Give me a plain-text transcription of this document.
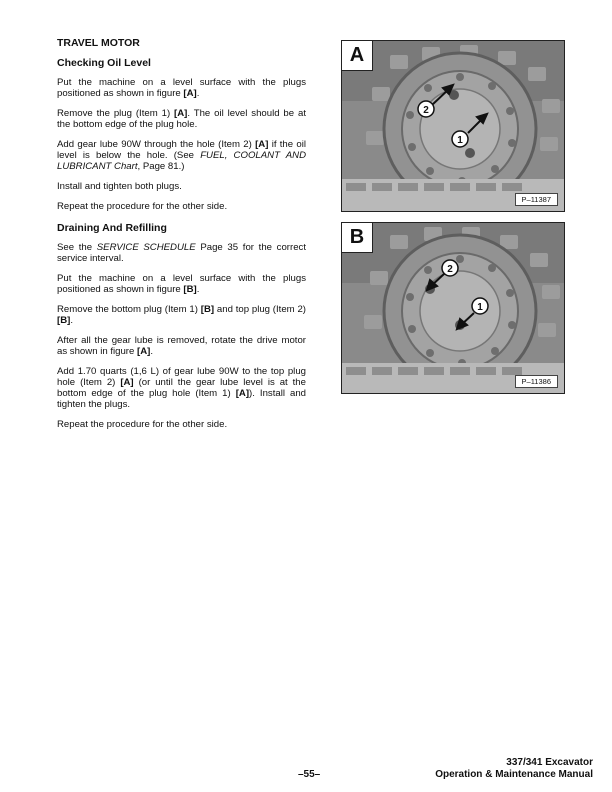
TRAVEL MOTOR
Checking Oil Level

Put the machine on a level surface with the plugs positioned as shown in figure [A].

Remove the plug (Item 1) [A]. The oil level should be at the bottom edge of the plug hole.

Add gear lube 90W through the hole (Item 2) [A] if the oil level is below the hole. (See FUEL, COOLANT AND LUBRICANT Chart, Page 81.)

Install and tighten both plugs.

Repeat the procedure for the other side.

Draining And Refilling

See the SERVICE SCHEDULE Page 35 for the correct service interval.

Put the machine on a level surface with the plugs positioned as shown in figure [B].

Remove the bottom plug (Item 1) [B] and top plug (Item 2) [B].

After all the gear lube is removed, rotate the drive motor as shown in figure [A].

Add 1.70 quarts (1,6 L) of gear lube 90W to the top plug hole (Item 2) [A] (or until the gear lube level is at the bottom edge of the plug hole (Item 1) [A]). Install and tighten the plugs.

Repeat the procedure for the other side.

2
1
A
P–11387
2
1
B
P–11386
–55–
337/341 Excavator
Operation & Maintenance Manual
